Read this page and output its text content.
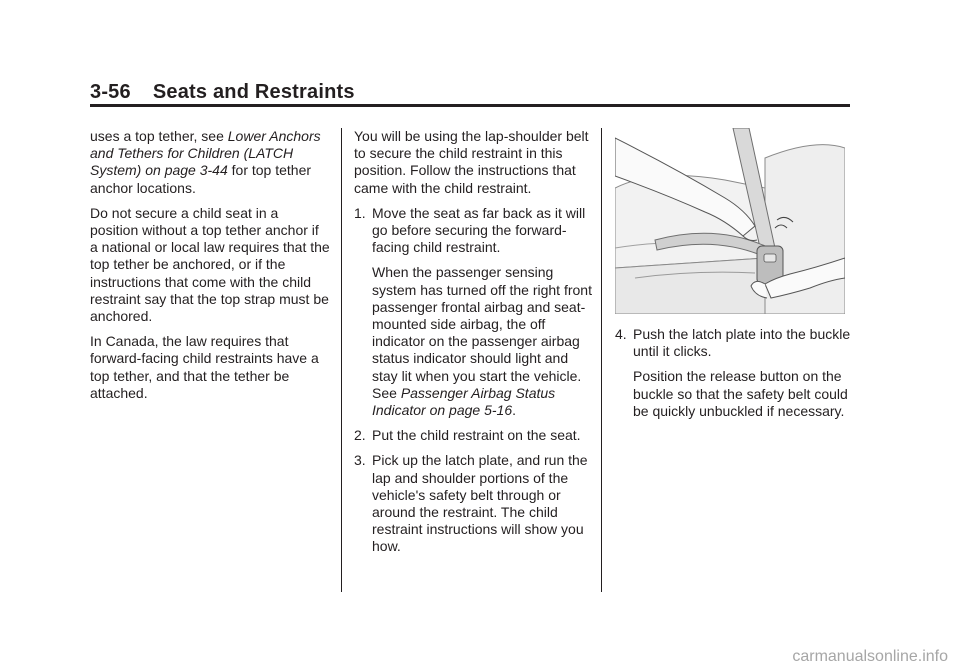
3-56 Seats and Restraints

uses a top tether, see Lower Anchors and Tethers for Children (LATCH System) on page 3-44 for top tether anchor locations.

Do not secure a child seat in a position without a top tether anchor if a national or local law requires that the top tether be anchored, or if the instructions that come with the child restraint say that the top strap must be anchored.

In Canada, the law requires that forward-facing child restraints have a top tether, and that the tether be attached.

You will be using the lap-shoulder belt to secure the child restraint in this position. Follow the instructions that came with the child restraint.

1. Move the seat as far back as it will go before securing the forward-facing child restraint.

When the passenger sensing system has turned off the right front passenger frontal airbag and seat-mounted side airbag, the off indicator on the passenger airbag status indicator should light and stay lit when you start the vehicle. See Passenger Airbag Status Indicator on page 5-16.

2. Put the child restraint on the seat.
3. Pick up the latch plate, and run the lap and shoulder portions of the vehicle's safety belt through or around the restraint. The child restraint instructions will show you how.
4. Push the latch plate into the buckle until it clicks.

Position the release button on the buckle so that the safety belt could be quickly unbuckled if necessary.

carmanualsonline.info
